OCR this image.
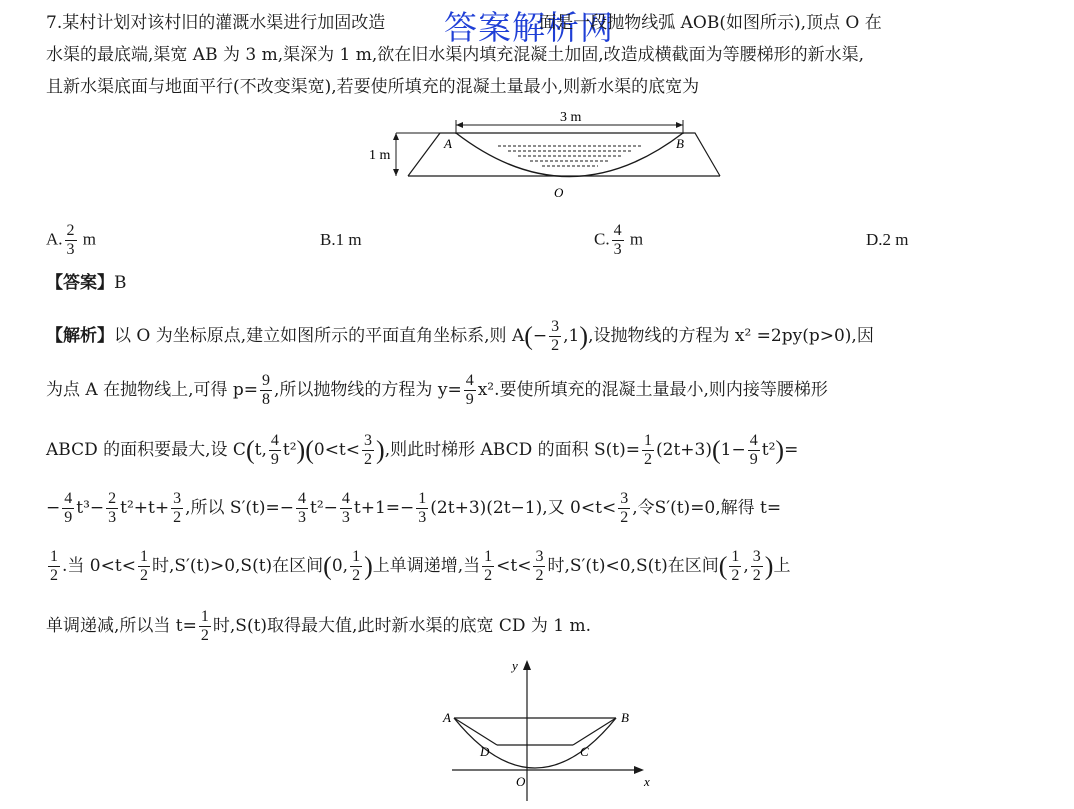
答案解析网
7.某村计划对该村旧的灌溉水渠进行加固改造	面是一段抛物线弧 AOB(如图所示),顶点 O 在
水渠的最底端,渠宽 AB 为 3 m,渠深为 1 m,欲在旧水渠内填充混凝土加固,改造成横截面为等腰梯形的新水渠,
且新水渠底面与地面平行(不改变渠宽),若要使所填充的混凝土量最小,则新水渠的底宽为
3 m
1 m
A	B
O
A. $\frac{2}{3}$ m	B.1 m	C. $\frac{4}{3}$ m	D.2 m
【答案】B
【解析】以 O 为坐标原点,建立如图所示的平面直角坐标系,则 $A(- \frac{3}{2} ,1)$,设抛物线的方程为 x² =2py(p>0),因
为点 A 在抛物线上,可得 $p= \frac{9}{8}$ ,所以抛物线的方程为 $y= \frac{4}{9} x^2$.要使所填充的混凝土量最小,则内接等腰梯形
ABCD 的面积要最大,设 C(t, $\frac{4}{9} t^2)(0<t< \frac{3}{2}$ ),则此时梯形 ABCD 的面积 $S(t)= \frac{1}{2} (2t+3)(1- \frac{4}{9} t^2)=$
− $\frac{4}{9} t^3- \frac{2}{3} t^2+t+ \frac{3}{2}$ ,所以 $S'(t)=- \frac{4}{3} t^2- \frac{4}{3} t+1=- \frac{1}{3} (2t+3)(2t-1)$,又 $0<t< \frac{3}{2}$ ,令S′(t)=0,解得 t=
$\frac{1}{2}$ .当 $0<t< \frac{1}{2}$ 时,S′(t)>0,S(t)在区间(0, $\frac{1}{2}$ )上单调递增,当 $\frac{1}{2} <t< \frac{3}{2}$ 时,S′(t)<0,S(t)在区间( $\frac{1}{2}$ , $\frac{3}{2}$ )上
单调递减,所以当 $t= \frac{1}{2}$ 时,S(t)取得最大值,此时新水渠的底宽 CD 为 1 m.
A	B
D	C
O	x
y
